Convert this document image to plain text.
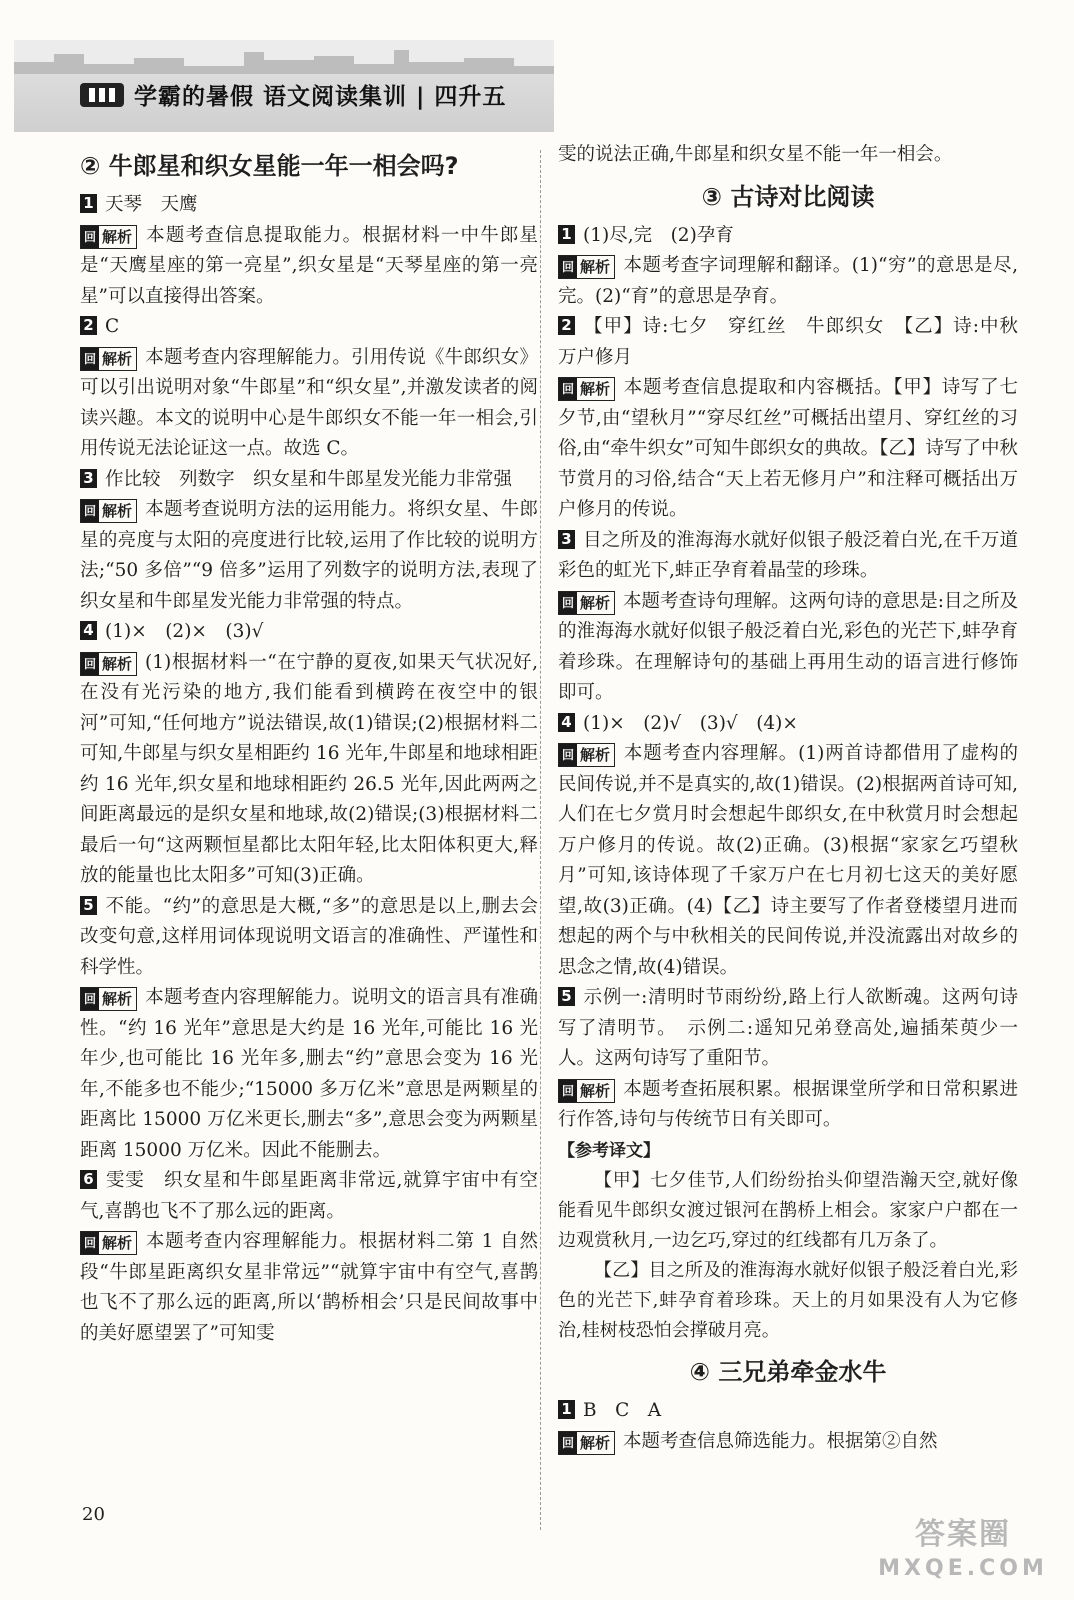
学霸的暑假 语文阅读集训 | 四升五
② 牛郎星和织女星能一年一相会吗?

1 天琴　天鹰

回 解析 本题考查信息提取能力。根据材料一中牛郎星是“天鹰星座的第一亮星”,织女星是“天琴星座的第一亮星”可以直接得出答案。

2 C

回 解析 本题考查内容理解能力。引用传说《牛郎织女》可以引出说明对象“牛郎星”和“织女星”,并激发读者的阅读兴趣。本文的说明中心是牛郎织女不能一年一相会,引用传说无法论证这一点。故选 C。

3 作比较　列数字　织女星和牛郎星发光能力非常强

回 解析 本题考查说明方法的运用能力。将织女星、牛郎星的亮度与太阳的亮度进行比较,运用了作比较的说明方法;“50 多倍”“9 倍多”运用了列数字的说明方法,表现了织女星和牛郎星发光能力非常强的特点。

4 (1)×　(2)×　(3)√

回 解析 (1)根据材料一“在宁静的夏夜,如果天气状况好,在没有光污染的地方,我们能看到横跨在夜空中的银河”可知,“任何地方”说法错误,故(1)错误;(2)根据材料二可知,牛郎星与织女星相距约 16 光年,牛郎星和地球相距约 16 光年,织女星和地球相距约 26.5 光年,因此两两之间距离最远的是织女星和地球,故(2)错误;(3)根据材料二最后一句“这两颗恒星都比太阳年轻,比太阳体积更大,释放的能量也比太阳多”可知(3)正确。

5 不能。“约”的意思是大概,“多”的意思是以上,删去会改变句意,这样用词体现说明文语言的准确性、严谨性和科学性。

回 解析 本题考查内容理解能力。说明文的语言具有准确性。“约 16 光年”意思是大约是 16 光年,可能比 16 光年少,也可能比 16 光年多,删去“约”意思会变为 16 光年,不能多也不能少;“15000 多万亿米”意思是两颗星的距离比 15000 万亿米更长,删去“多”,意思会变为两颗星距离 15000 万亿米。因此不能删去。

6 雯雯　织女星和牛郎星距离非常远,就算宇宙中有空气,喜鹊也飞不了那么远的距离。

回 解析 本题考查内容理解能力。根据材料二第 1 自然段“牛郎星距离织女星非常远”“就算宇宙中有空气,喜鹊也飞不了那么远的距离,所以‘鹊桥相会’只是民间故事中的美好愿望罢了”可知雯

雯的说法正确,牛郎星和织女星不能一年一相会。

③ 古诗对比阅读

1 (1)尽,完　(2)孕育

回 解析 本题考查字词理解和翻译。(1)“穷”的意思是尽,完。(2)“育”的意思是孕育。

2 【甲】诗:七夕　穿红丝　牛郎织女　【乙】诗:中秋　万户修月

回 解析 本题考查信息提取和内容概括。【甲】诗写了七夕节,由“望秋月”“穿尽红丝”可概括出望月、穿红丝的习俗,由“牵牛织女”可知牛郎织女的典故。【乙】诗写了中秋节赏月的习俗,结合“天上若无修月户”和注释可概括出万户修月的传说。

3 目之所及的淮海海水就好似银子般泛着白光,在千万道彩色的虹光下,蚌正孕育着晶莹的珍珠。

回 解析 本题考查诗句理解。这两句诗的意思是:目之所及的淮海海水就好似银子般泛着白光,彩色的光芒下,蚌孕育着珍珠。在理解诗句的基础上再用生动的语言进行修饰即可。

4 (1)×　(2)√　(3)√　(4)×

回 解析 本题考查内容理解。(1)两首诗都借用了虚构的民间传说,并不是真实的,故(1)错误。(2)根据两首诗可知,人们在七夕赏月时会想起牛郎织女,在中秋赏月时会想起万户修月的传说。故(2)正确。(3)根据“家家乞巧望秋月”可知,该诗体现了千家万户在七月初七这天的美好愿望,故(3)正确。(4)【乙】诗主要写了作者登楼望月进而想起的两个与中秋相关的民间传说,并没流露出对故乡的思念之情,故(4)错误。

5 示例一:清明时节雨纷纷,路上行人欲断魂。这两句诗写了清明节。　示例二:遥知兄弟登高处,遍插茱萸少一人。这两句诗写了重阳节。

回 解析 本题考查拓展积累。根据课堂所学和日常积累进行作答,诗句与传统节日有关即可。

【参考译文】

【甲】七夕佳节,人们纷纷抬头仰望浩瀚天空,就好像能看见牛郎织女渡过银河在鹊桥上相会。家家户户都在一边观赏秋月,一边乞巧,穿过的红线都有几万条了。

【乙】目之所及的淮海海水就好似银子般泛着白光,彩色的光芒下,蚌孕育着珍珠。天上的月如果没有人为它修治,桂树枝恐怕会撑破月亮。

④ 三兄弟牵金水牛

1 B　C　A

回 解析 本题考查信息筛选能力。根据第②自然

20
答案圈
MXQE.COM
